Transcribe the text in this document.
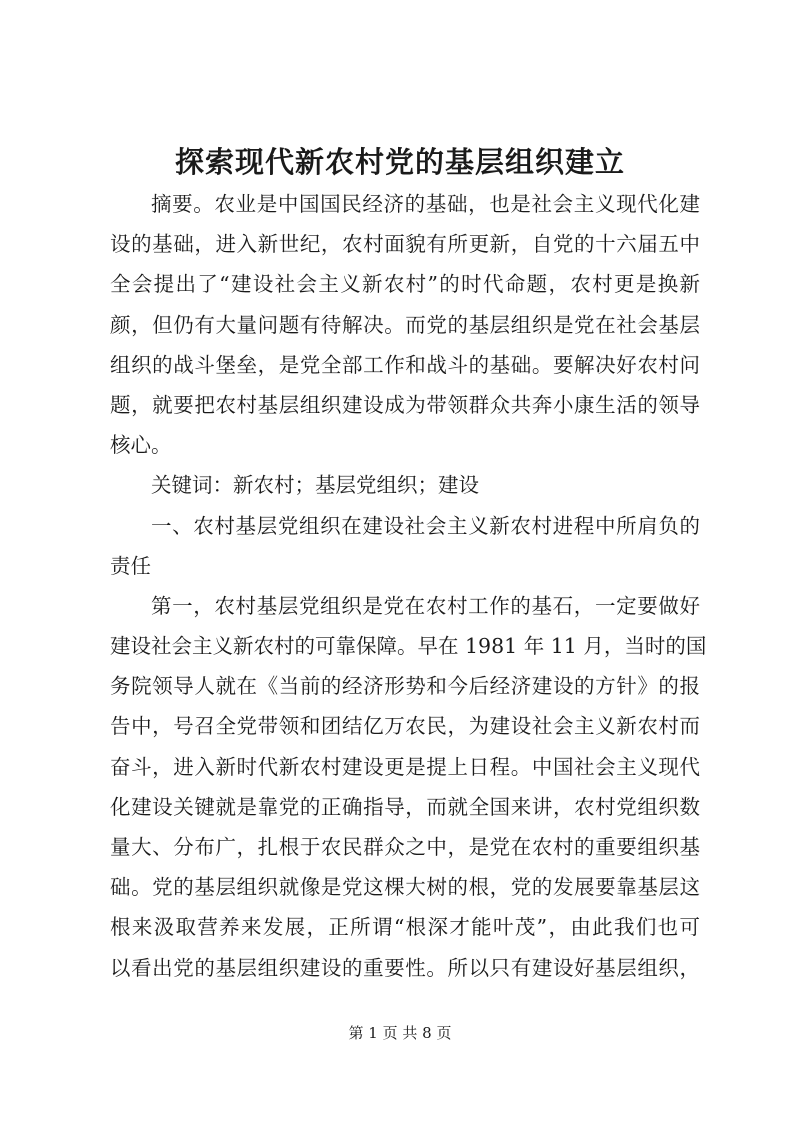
探索现代新农村党的基层组织建立
摘要。农业是中国国民经济的基础，也是社会主义现代化建
设的基础，进入新世纪，农村面貌有所更新，自党的十六届五中
全会提出了“建设社会主义新农村”的时代命题，农村更是换新
颜，但仍有大量问题有待解决。而党的基层组织是党在社会基层
组织的战斗堡垒，是党全部工作和战斗的基础。要解决好农村问
题，就要把农村基层组织建设成为带领群众共奔小康生活的领导
核心。
关键词：新农村；基层党组织；建设
一、农村基层党组织在建设社会主义新农村进程中所肩负的
责任
第一，农村基层党组织是党在农村工作的基石，一定要做好
建设社会主义新农村的可靠保障。早在 1981 年 11 月，当时的国
务院领导人就在《当前的经济形势和今后经济建设的方针》的报
告中，号召全党带领和团结亿万农民，为建设社会主义新农村而
奋斗，进入新时代新农村建设更是提上日程。中国社会主义现代
化建设关键就是靠党的正确指导，而就全国来讲，农村党组织数
量大、分布广，扎根于农民群众之中，是党在农村的重要组织基
础。党的基层组织就像是党这棵大树的根，党的发展要靠基层这
根来汲取营养来发展，正所谓“根深才能叶茂”，由此我们也可
以看出党的基层组织建设的重要性。所以只有建设好基层组织，
第 1 页 共 8 页
